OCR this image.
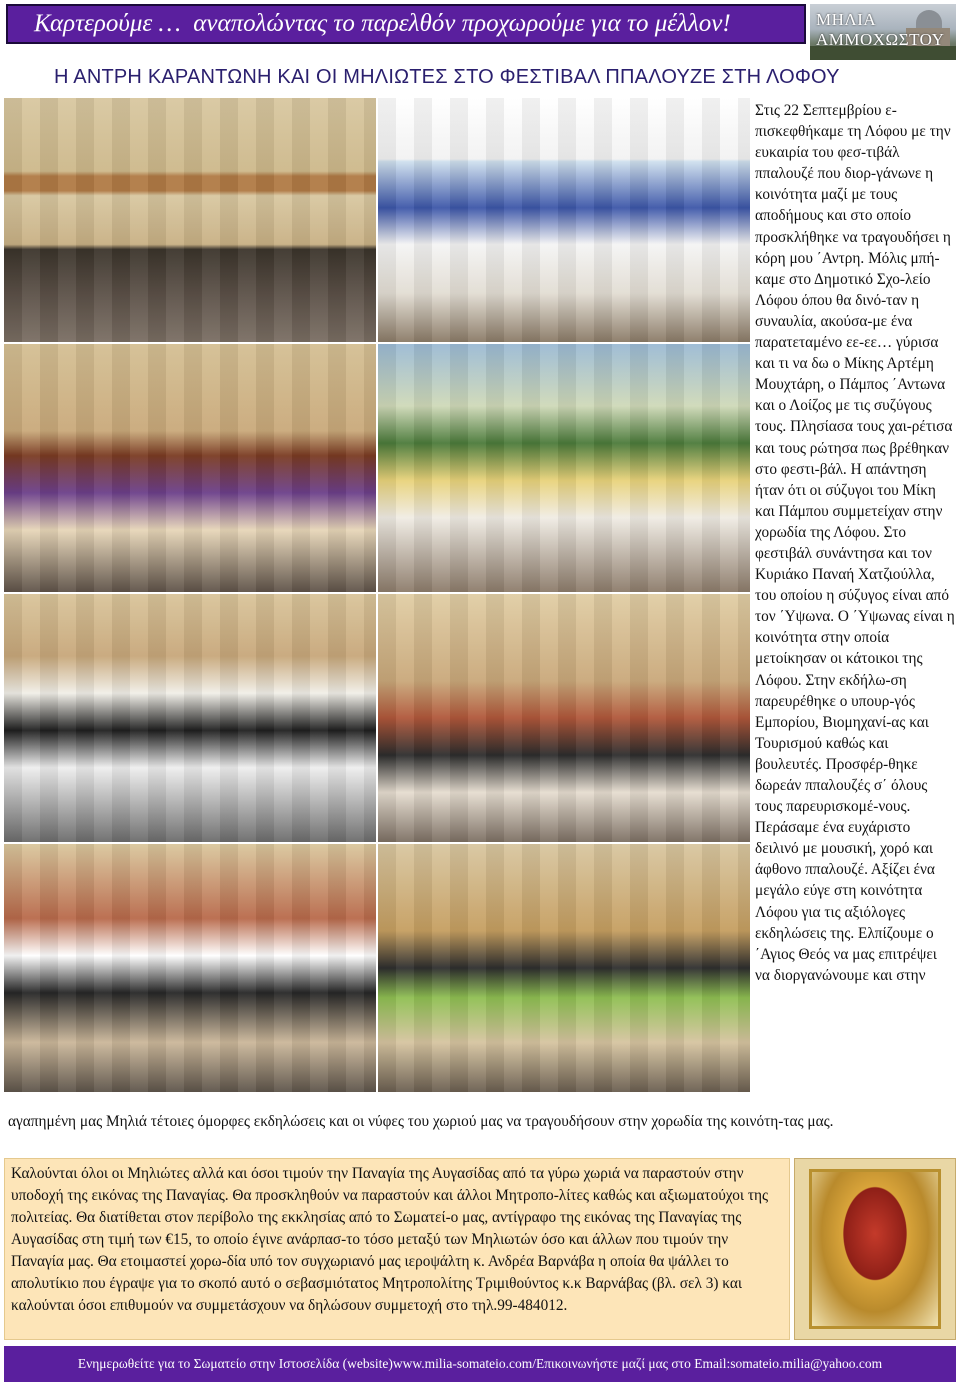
Καρτερούμε …  αναπολώντας το παρελθόν προχωρούμε για το μέλλον!	ΜΗΛΙΑ
ΑΜΜΟΧΩΣΤΟΥ
Η ΑΝΤΡΗ ΚΑΡΑΝΤΩΝΗ ΚΑΙ ΟΙ ΜΗΛΙΩΤΕΣ ΣΤΟ ΦΕΣΤΙΒΑΛ ΠΠΑΛΟΥΖΕ ΣΤΗ ΛΟΦΟΥ
Στις 22 Σεπτεμβρίου ε-πισκεφθήκαμε τη Λόφου με την ευκαιρία του φεσ-τιβάλ ππαλουζέ που διορ-γάνωνε η κοινότητα μαζί με τους αποδήμους και στο οποίο προσκλήθηκε να τραγουδήσει η κόρη μου ΄Αντρη. Μόλις μπή-καμε στο Δημοτικό Σχο-λείο Λόφου όπου θα δινό-ταν η συναυλία, ακούσα-με ένα παρατεταμένο εε-εε… γύρισα και τι να δω ο Μίκης Αρτέμη Μουχτάρη, ο Πάμπος ΄Αντωνα και ο Λοίζος με τις συζύγους τους. Πλησίασα τους χαι-ρέτισα και τους ρώτησα πως βρέθηκαν στο φεστι-βάλ. Η απάντηση ήταν ότι οι σύζυγοι του Μίκη και Πάμπου συμμετείχαν στην χορωδία της Λόφου. Στο φεστιβάλ συνάντησα και τον Κυριάκο Παναή Χατζιούλλα, του οποίου η σύζυγος είναι από τον ΄Υψωνα. Ο ΄Υψωνας είναι η κοινότητα στην οποία μετοίκησαν οι κάτοικοι της Λόφου. Στην εκδήλω-ση παρευρέθηκε ο υπουρ-γός Εμπορίου, Βιομηχανί-ας και Τουρισμού καθώς και βουλευτές. Προσφέρ-θηκε δωρεάν ππαλουζές σ΄ όλους τους παρευρισκομέ-νους. Περάσαμε ένα ευχάριστο δειλινό με μουσική, χορό και άφθονο ππαλουζέ. Αξίζει ένα μεγάλο εύγε στη κοινότητα Λόφου για τις αξιόλογες εκδηλώσεις της. Ελπίζουμε ο ΄Αγιος Θεός να μας επιτρέψει να διοργανώνουμε και στην
αγαπημένη μας Μηλιά τέτοιες όμορφες εκδηλώσεις και οι νύφες του χωριού μας να τραγουδήσουν στην χορωδία της κοινότη-τας μας.
Καλούνται όλοι οι Μηλιώτες αλλά και όσοι τιμούν την Παναγία της Αυγασίδας από τα γύρω χωριά να παραστούν στην υποδοχή της εικόνας της Παναγίας. Θα προσκληθούν να παραστούν και άλλοι Μητροπο-λίτες καθώς και αξιωματούχοι της πολιτείας. Θα διατίθεται στον περίβολο της εκκλησίας από το Σωματεί-ο μας, αντίγραφο της εικόνας της Παναγίας της Αυγασίδας στη τιμή των €15, το οποίο έγινε ανάρπασ-το τόσο μεταξύ των Μηλιωτών όσο και άλλων που τιμούν την Παναγία μας. Θα ετοιμαστεί χορω-δία υπό τον συγχωριανό μας ιεροψάλτη κ. Ανδρέα Βαρνάβα η οποία θα ψάλλει το απολυτίκιο που έγραψε για το σκοπό αυτό ο σεβασμιότατος Μητροπολίτης Τριμιθούντος κ.κ Βαρνάβας (βλ. σελ 3) και καλούνται όσοι επιθυμούν να συμμετάσχουν να δηλώσουν συμμετοχή στο τηλ.99-484012.
Ενημερωθείτε για το Σωματείο στην Ιστοσελίδα (website)www.milia-somateio.com/Επικοινωνήστε μαζί μας στο Email:somateio.milia@yahoo.com
